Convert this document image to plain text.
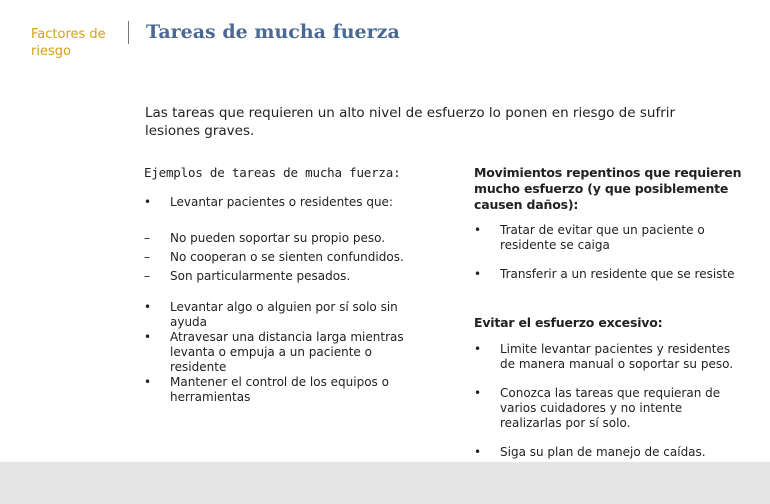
Factores de riesgo
Tareas de mucha fuerza
Las tareas que requieren un alto nivel de esfuerzo lo ponen en riesgo de sufrir lesiones graves.
Ejemplos de tareas de mucha fuerza:
•	Levantar pacientes o residentes que:
–	No pueden soportar su propio peso.
–	No cooperan o se sienten confundidos.
–	Son particularmente pesados.
•	Levantar algo o alguien por sí solo sin ayuda
•	Atravesar una distancia larga mientras levanta o empuja a un paciente o residente
•	Mantener el control de los equipos o herramientas
Movimientos repentinos que requieren mucho esfuerzo (y que posiblemente causen daños):
•	Tratar de evitar que un paciente o residente se caiga
•	Transferir a un residente que se resiste
Evitar el esfuerzo excesivo:
•	Limite levantar pacientes y residentes de manera manual o soportar su peso.
•	Conozca las tareas que requieran de varios cuidadores y no intente realizarlas por sí solo.
•	Siga su plan de manejo de caídas.
